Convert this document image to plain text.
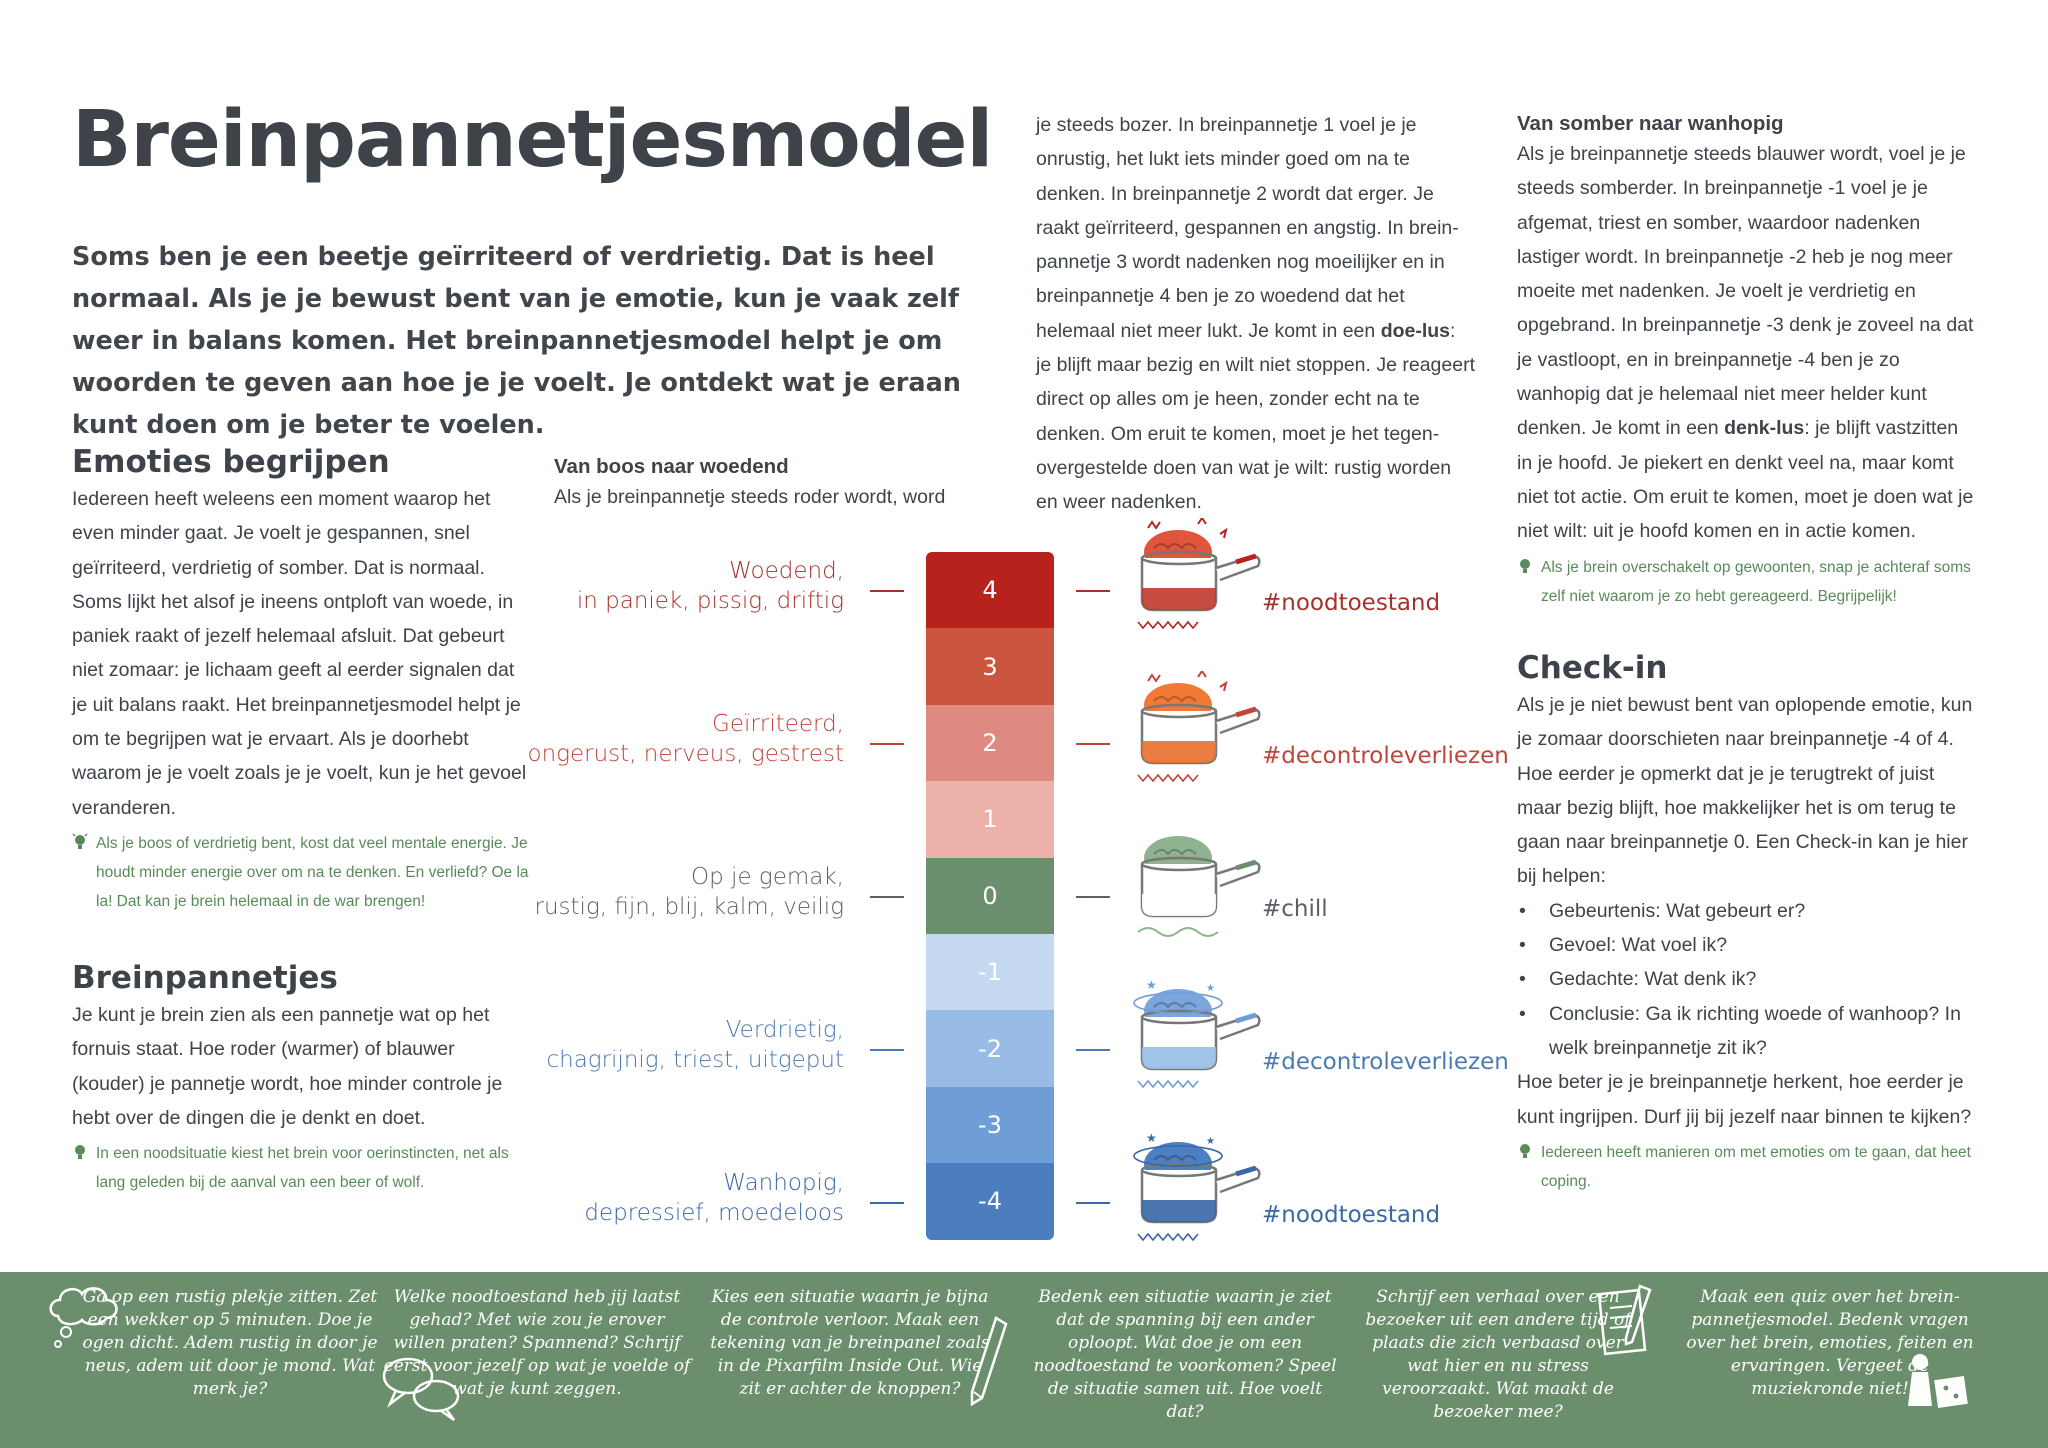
Breinpannetjesmodel
Soms ben je een beetje geïrriteerd of verdrietig. Dat is heel normaal. Als je je bewust bent van je emotie, kun je vaak zelf weer in balans komen. Het breinpannetjesmodel helpt je om woorden te geven aan hoe je je voelt. Je ontdekt wat je eraan kunt doen om je beter te voelen.
Emoties begrijpen
Iedereen heeft weleens een moment waarop het even minder gaat. Je voelt je gespannen, snel geïrriteerd, verdrietig of somber. Dat is normaal. Soms lijkt het alsof je ineens ontploft van woede, in paniek raakt of jezelf helemaal afsluit. Dat gebeurt niet zomaar: je lichaam geeft al eerder signalen dat je uit balans raakt. Het breinpannetjesmodel helpt je om te begrijpen wat je ervaart. Als je doorhebt waarom je je voelt zoals je je voelt, kun je het gevoel veranderen.
Als je boos of verdrietig bent, kost dat veel mentale energie. Je houdt minder energie over om na te denken. En verliefd? Oe la la! Dat kan je brein helemaal in de war brengen!
Breinpannetjes
Je kunt je brein zien als een pannetje wat op het fornuis staat. Hoe roder (warmer) of blauwer (kouder) je pannetje wordt, hoe minder controle je hebt over de dingen die je denkt en doet.
In een noodsituatie kiest het brein voor oerinstincten, net als lang geleden bij de aanval van een beer of wolf.
Van boos naar woedend
Als je breinpannetje steeds roder wordt, word
je steeds bozer. In breinpannetje 1 voel je je onrustig, het lukt iets minder goed om na te denken. In breinpannetje 2 wordt dat erger. Je raakt geïrriteerd, gespannen en angstig. In breinpannetje 3 wordt nadenken nog moeilijker en in breinpannetje 4 ben je zo woedend dat het helemaal niet meer lukt. Je komt in een doe-lus: je blijft maar bezig en wilt niet stoppen. Je reageert direct op alles om je heen, zonder echt na te denken. Om eruit te komen, moet je het tegenovergestelde doen van wat je wilt: rustig worden en weer nadenken.
Van somber naar wanhopig
Als je breinpannetje steeds blauwer wordt, voel je je steeds somberder. In breinpannetje -1 voel je je afgemat, triest en somber, waardoor nadenken lastiger wordt. In breinpannetje -2 heb je nog meer moeite met nadenken. Je voelt je verdrietig en opgebrand. In breinpannetje -3 denk je zoveel na dat je vastloopt, en in breinpannetje -4 ben je zo wanhopig dat je helemaal niet meer helder kunt denken. Je komt in een denk-lus: je blijft vastzitten in je hoofd. Je piekert en denkt veel na, maar komt niet tot actie. Om eruit te komen, moet je doen wat je niet wilt: uit je hoofd komen en in actie komen.
Als je brein overschakelt op gewoonten, snap je achteraf soms zelf niet waarom je zo hebt gereageerd. Begrijpelijk!
Check-in
Als je je niet bewust bent van oplopende emotie, kun je zomaar doorschieten naar breinpannetje -4 of 4. Hoe eerder je opmerkt dat je je terugtrekt of juist maar bezig blijft, hoe makkelijker het is om terug te gaan naar breinpannetje 0. Een Check-in kan je hier bij helpen:
• Gebeurtenis: Wat gebeurt er?
• Gevoel: Wat voel ik?
• Gedachte: Wat denk ik?
• Conclusie: Ga ik richting woede of wanhoop? In welk breinpannetje zit ik?
Hoe beter je je breinpannetje herkent, hoe eerder je kunt ingrijpen. Durf jij bij jezelf naar binnen te kijken?
Iedereen heeft manieren om met emoties om te gaan, dat heet coping.
4
3
2
1
0
-1
-2
-3
-4
Woedend,
in paniek, pissig, driftig	#noodtoestand
Geïrriteerd,
ongerust, nerveus, gestrest	#decontroleverliezen
Op je gemak,
rustig, fijn, blij, kalm, veilig	#chill
Verdrietig,
chagrijnig, triest, uitgeput
★	★
#decontroleverliezen
Wanhopig,
depressief, moedeloos
★	★
#noodtoestand
Ga op een rustig plekje zitten. Zet een wekker op 5 minuten. Doe je ogen dicht. Adem rustig in door je neus, adem uit door je mond. Wat merk je?
Welke noodtoestand heb jij laatst gehad? Met wie zou je erover willen praten? Spannend? Schrijf eerst voor jezelf op wat je voelde of wat je kunt zeggen.
Kies een situatie waarin je bijna de controle verloor. Maak een tekening van je breinpanel zoals in de Pixarfilm Inside Out. Wie zit er achter de knoppen?
Bedenk een situatie waarin je ziet dat de spanning bij een ander oploopt. Wat doe je om een noodtoestand te voorkomen? Speel de situatie samen uit. Hoe voelt dat?
Schrijf een verhaal over een bezoeker uit een andere tijd of plaats die zich verbaasd over wat hier en nu stress veroorzaakt. Wat maakt de bezoeker mee?
Maak een quiz over het breinpannetjesmodel. Bedenk vragen over het brein, emoties, feiten en ervaringen. Vergeet de muziekronde niet!
